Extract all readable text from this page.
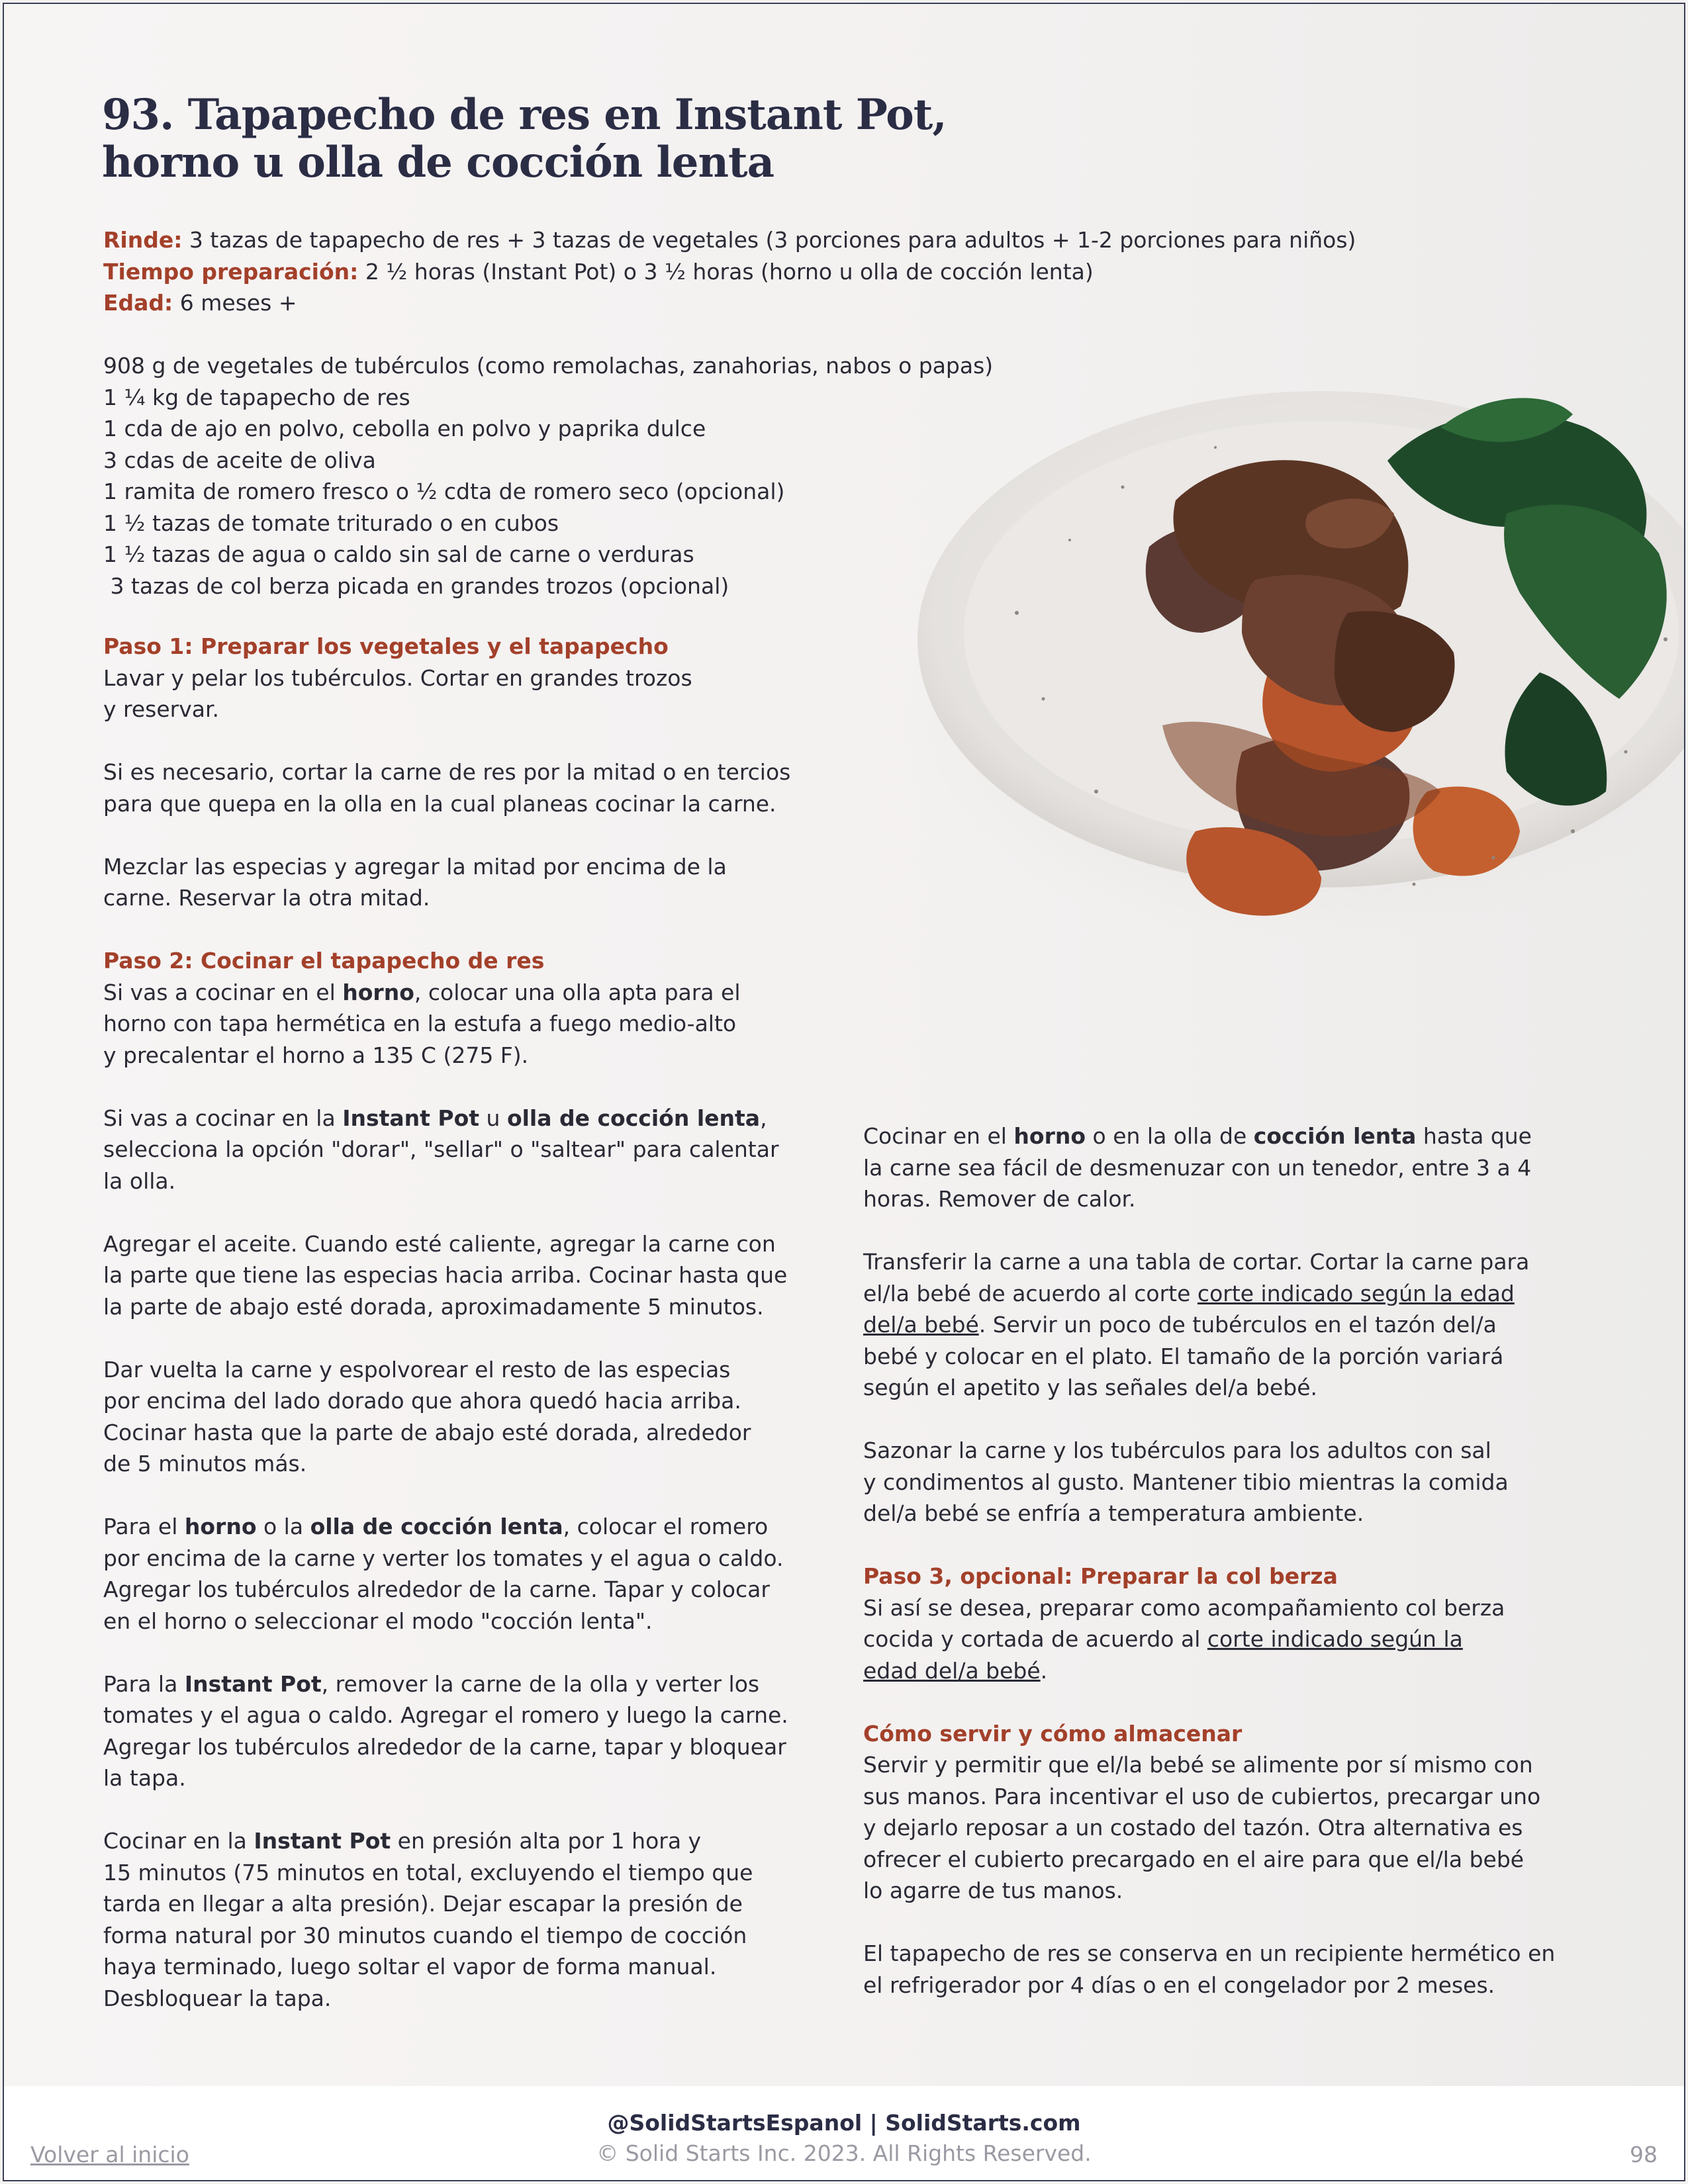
93. Tapapecho de res en Instant Pot,
horno u olla de cocción lenta
Rinde: 3 tazas de tapapecho de res + 3 tazas de vegetales (3 porciones para adultos + 1-2 porciones para niños)
Tiempo preparación: 2 ½ horas (Instant Pot) o 3 ½ horas (horno u olla de cocción lenta)
Edad: 6 meses +
908 g de vegetales de tubérculos (como remolachas, zanahorias, nabos o papas)
1 ¼ kg de tapapecho de res
1 cda de ajo en polvo, cebolla en polvo y paprika dulce
3 cdas de aceite de oliva
1 ramita de romero fresco o ½ cdta de romero seco (opcional)
1 ½ tazas de tomate triturado o en cubos
1 ½ tazas de agua o caldo sin sal de carne o verduras
3 tazas de col berza picada en grandes trozos (opcional)

Paso 1: Preparar los vegetales y el tapapecho

Lavar y pelar los tubérculos. Cortar en grandes trozos
y reservar.

Si es necesario, cortar la carne de res por la mitad o en tercios
para que quepa en la olla en la cual planeas cocinar la carne.

Mezclar las especias y agregar la mitad por encima de la
carne. Reservar la otra mitad.

Paso 2: Cocinar el tapapecho de res

Si vas a cocinar en el horno, colocar una olla apta para el
horno con tapa hermética en la estufa a fuego medio-alto
y precalentar el horno a 135 C (275 F).

Si vas a cocinar en la Instant Pot u olla de cocción lenta,
selecciona la opción "dorar", "sellar" o "saltear" para calentar
la olla.

Agregar el aceite. Cuando esté caliente, agregar la carne con
la parte que tiene las especias hacia arriba. Cocinar hasta que
la parte de abajo esté dorada, aproximadamente 5 minutos.

Dar vuelta la carne y espolvorear el resto de las especias
por encima del lado dorado que ahora quedó hacia arriba.
Cocinar hasta que la parte de abajo esté dorada, alrededor
de 5 minutos más.

Para el horno o la olla de cocción lenta, colocar el romero
por encima de la carne y verter los tomates y el agua o caldo.
Agregar los tubérculos alrededor de la carne. Tapar y colocar
en el horno o seleccionar el modo "cocción lenta".

Para la Instant Pot, remover la carne de la olla y verter los
tomates y el agua o caldo. Agregar el romero y luego la carne.
Agregar los tubérculos alrededor de la carne, tapar y bloquear
la tapa.

Cocinar en la Instant Pot en presión alta por 1 hora y
15 minutos (75 minutos en total, excluyendo el tiempo que
tarda en llegar a alta presión). Dejar escapar la presión de
forma natural por 30 minutos cuando el tiempo de cocción
haya terminado, luego soltar el vapor de forma manual.
Desbloquear la tapa.

Cocinar en el horno o en la olla de cocción lenta hasta que
la carne sea fácil de desmenuzar con un tenedor, entre 3 a 4
horas. Remover de calor.

Transferir la carne a una tabla de cortar. Cortar la carne para
el/la bebé de acuerdo al corte corte indicado según la edad
del/a bebé. Servir un poco de tubérculos en el tazón del/a
bebé y colocar en el plato. El tamaño de la porción variará
según el apetito y las señales del/a bebé.

Sazonar la carne y los tubérculos para los adultos con sal
y condimentos al gusto. Mantener tibio mientras la comida
del/a bebé se enfría a temperatura ambiente.

Paso 3, opcional: Preparar la col berza

Si así se desea, preparar como acompañamiento col berza
cocida y cortada de acuerdo al corte indicado según la
edad del/a bebé.

Cómo servir y cómo almacenar

Servir y permitir que el/la bebé se alimente por sí mismo con
sus manos. Para incentivar el uso de cubiertos, precargar uno
y dejarlo reposar a un costado del tazón. Otra alternativa es
ofrecer el cubierto precargado en el aire para que el/la bebé
lo agarre de tus manos.

El tapapecho de res se conserva en un recipiente hermético en
el refrigerador por 4 días o en el congelador por 2 meses.

@SolidStartsEspanol | SolidStarts.com
© Solid Starts Inc. 2023. All Rights Reserved.
Volver al inicio	98
